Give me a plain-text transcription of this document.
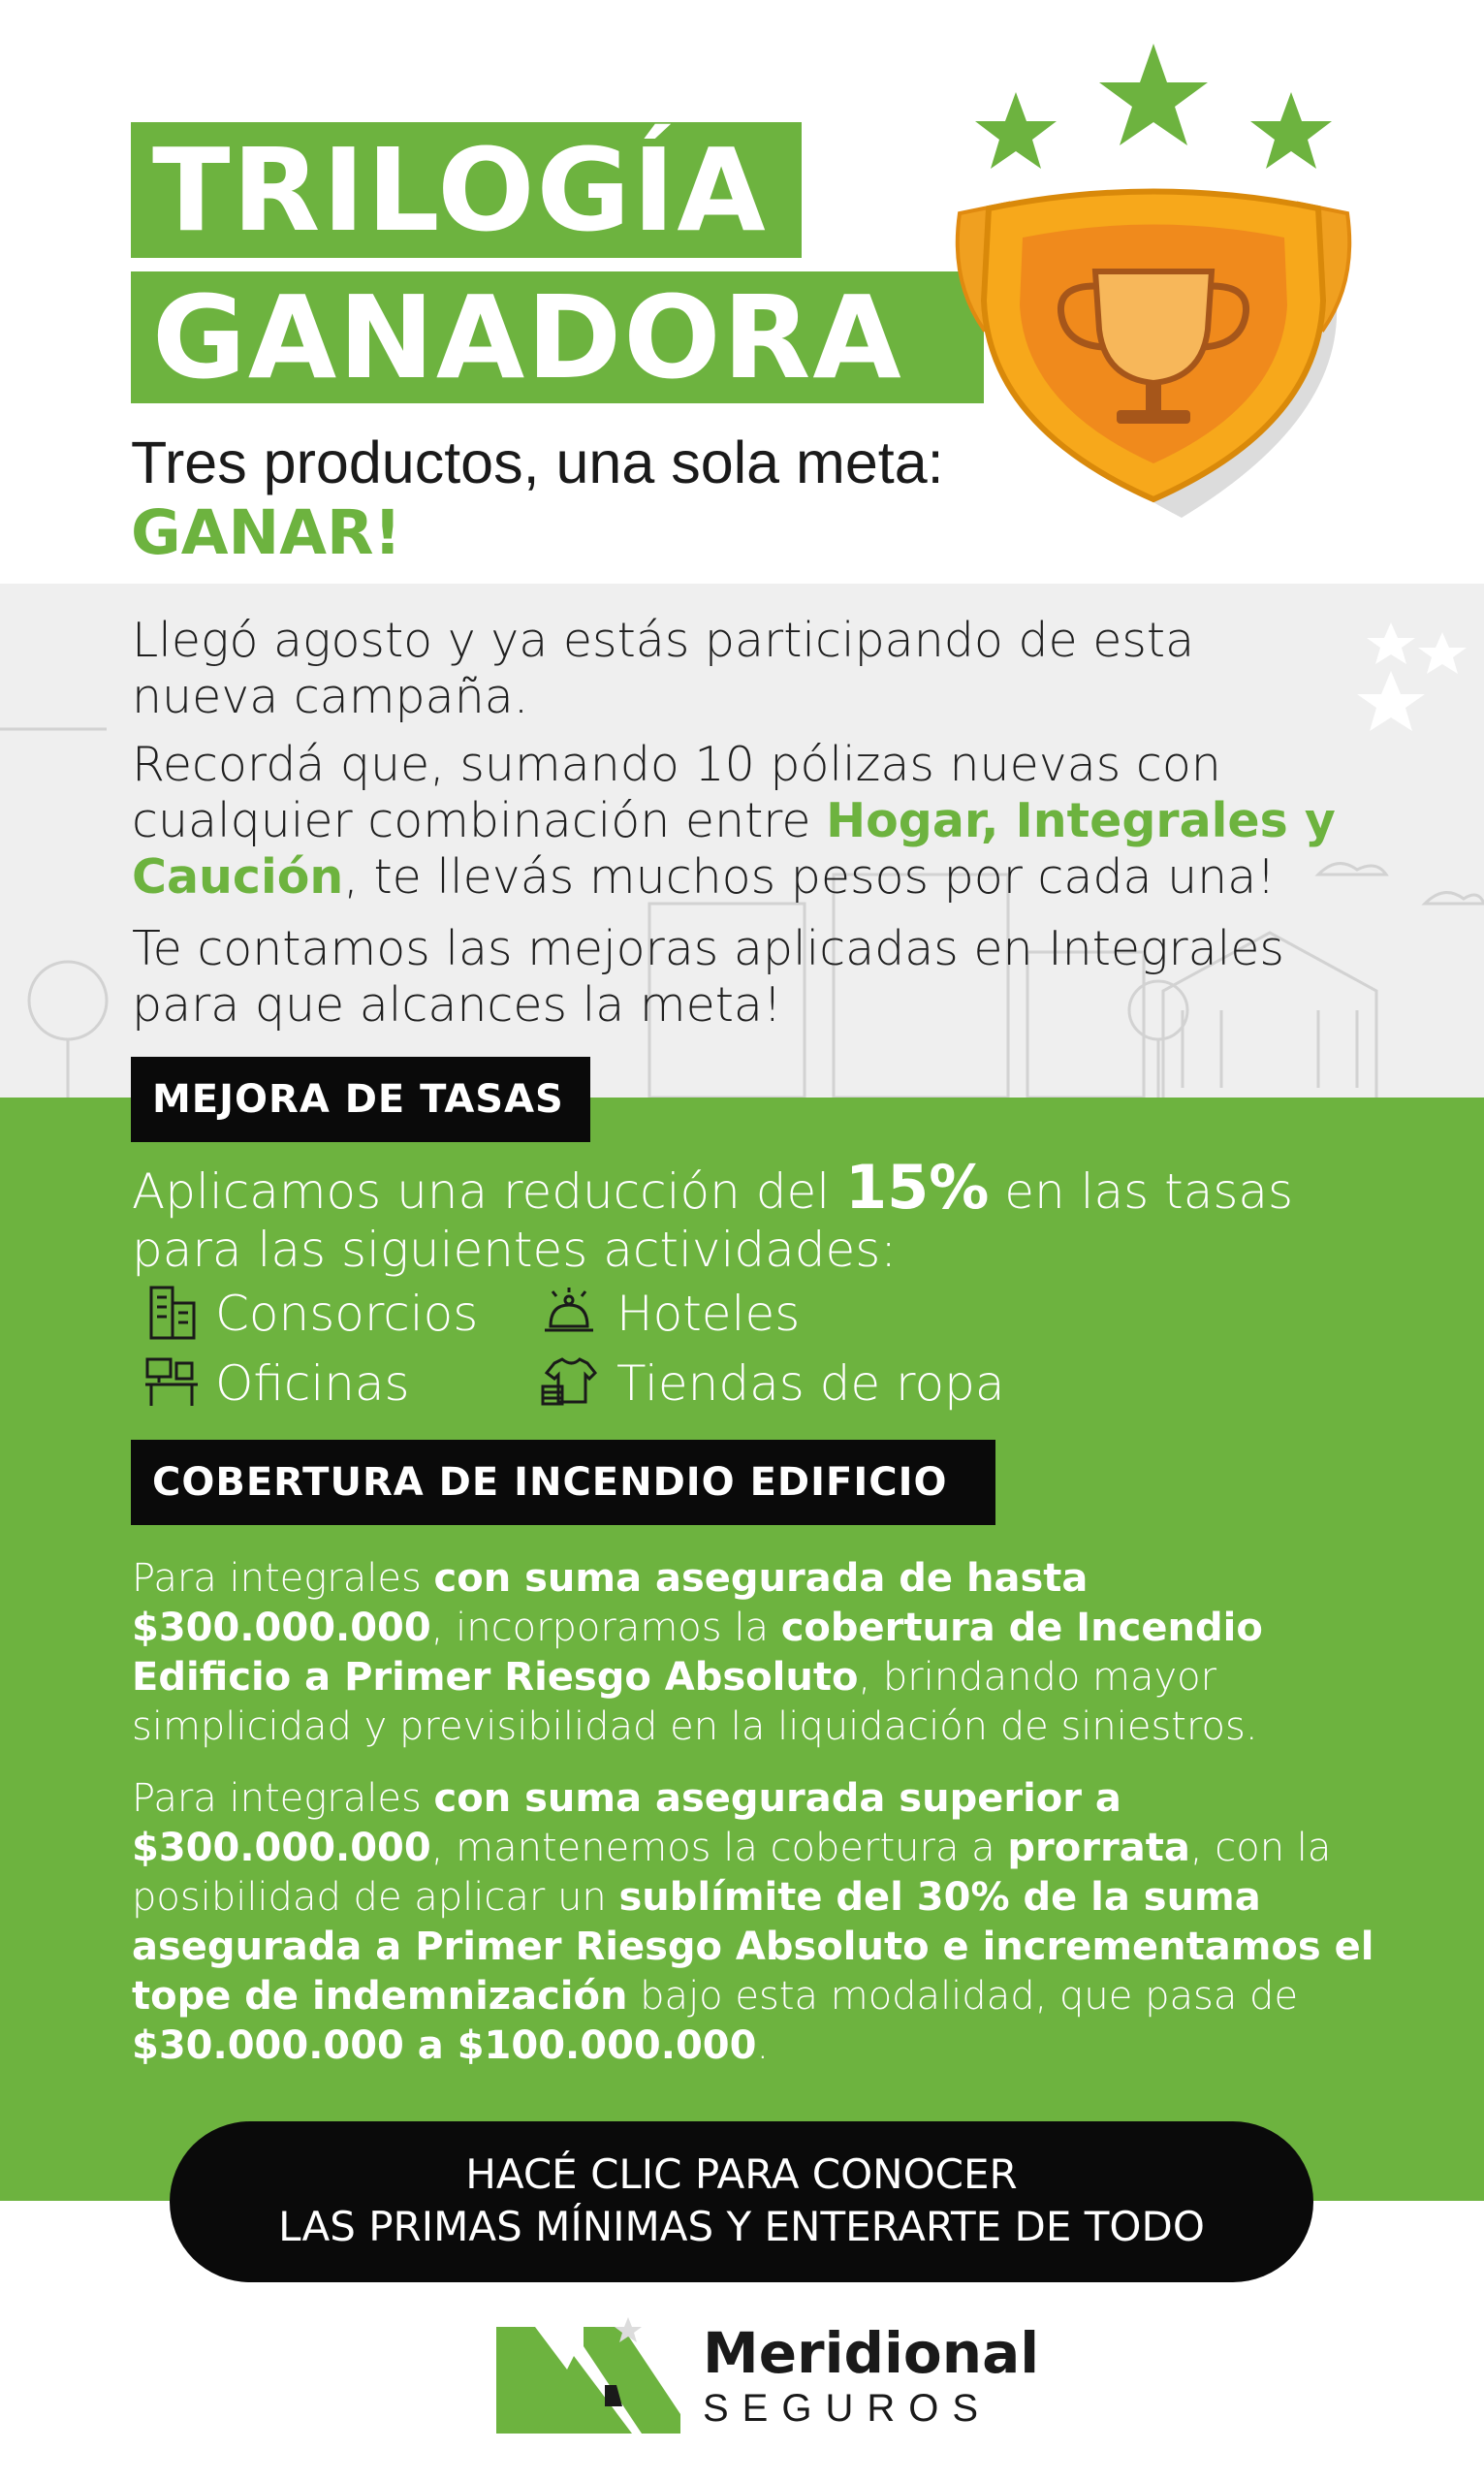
TRILOGÍA
GANADORA
Tres productos, una sola meta:
GANAR!
Llegó agosto y ya estás participando de esta nueva campaña.
Recordá que, sumando 10 pólizas nuevas con cualquier combinación entre Hogar, Integrales y Caución, te llevás muchos pesos por cada una!
Te contamos las mejoras aplicadas en Integrales para que alcances la meta!
MEJORA DE TASAS
Aplicamos una reducción del 15% en las tasas para las siguientes actividades:
Consorcios	Hoteles
Oficinas	Tiendas de ropa
COBERTURA DE INCENDIO EDIFICIO
Para integrales con suma asegurada de hasta $300.000.000, incorporamos la cobertura de Incendio Edificio a Primer Riesgo Absoluto, brindando mayor simplicidad y previsibilidad en la liquidación de siniestros.
Para integrales con suma asegurada superior a $300.000.000, mantenemos la cobertura a prorrata, con la posibilidad de aplicar un sublímite del 30% de la suma asegurada a Primer Riesgo Absoluto e incrementamos el tope de indemnización bajo esta modalidad, que pasa de $30.000.000 a $100.000.000.
HACÉ CLIC PARA CONOCER
LAS PRIMAS MÍNIMAS Y ENTERARTE DE TODO
Meridional
SEGUROS
